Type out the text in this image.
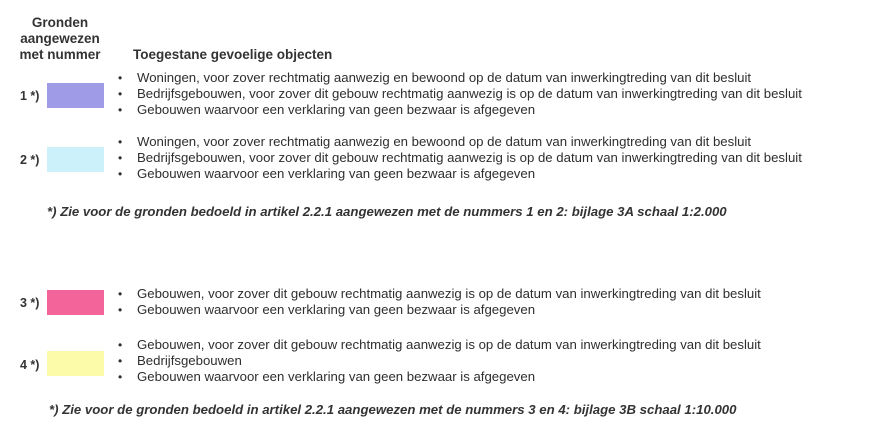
Gronden
aangewezen
met nummer	Toegestane gevoelige objecten
1 *)
• Woningen, voor zover rechtmatig aanwezig en bewoond op de datum van inwerkingtreding van dit besluit
• Bedrijfsgebouwen, voor zover dit gebouw rechtmatig aanwezig is op de datum van inwerkingtreding van dit besluit
• Gebouwen waarvoor een verklaring van geen bezwaar is afgegeven
2 *)
• Woningen, voor zover rechtmatig aanwezig en bewoond op de datum van inwerkingtreding van dit besluit
• Bedrijfsgebouwen, voor zover dit gebouw rechtmatig aanwezig is op de datum van inwerkingtreding van dit besluit
• Gebouwen waarvoor een verklaring van geen bezwaar is afgegeven
*) Zie voor de gronden bedoeld in artikel 2.2.1 aangewezen met de nummers 1 en 2: bijlage 3A schaal 1:2.000
3 *)
• Gebouwen, voor zover dit gebouw rechtmatig aanwezig is op de datum van inwerkingtreding van dit besluit
• Gebouwen waarvoor een verklaring van geen bezwaar is afgegeven
4 *)
• Gebouwen, voor zover dit gebouw rechtmatig aanwezig is op de datum van inwerkingtreding van dit besluit
• Bedrijfsgebouwen
• Gebouwen waarvoor een verklaring van geen bezwaar is afgegeven
*) Zie voor de gronden bedoeld in artikel 2.2.1 aangewezen met de nummers 3 en 4: bijlage 3B schaal 1:10.000
